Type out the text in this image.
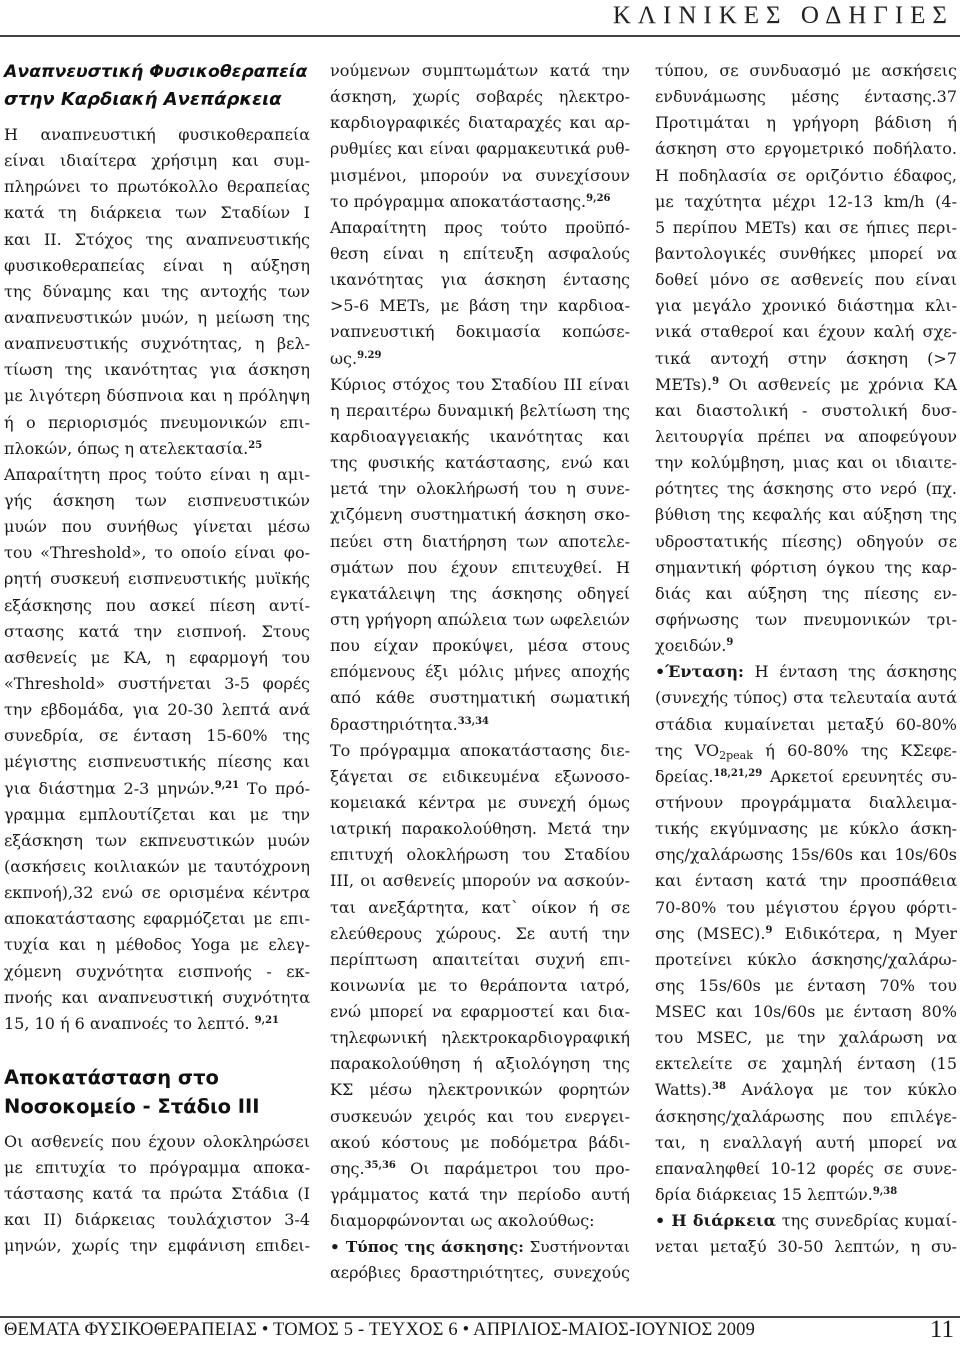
ΚΛΙΝΙΚΕΣ ΟΔΗΓΙΕΣ
Αναπνευστική Φυσικοθεραπεία
στην Καρδιακή Ανεπάρκεια
Η αναπνευστική φυσικοθεραπεία
είναι ιδιαίτερα χρήσιμη και συμ-
πληρώνει το πρωτόκολλο θεραπείας
κατά τη διάρκεια των Σταδίων Ι
και ΙΙ. Στόχος της αναπνευστικής
φυσικοθεραπείας είναι η αύξηση
της δύναμης και της αντοχής των
αναπνευστικών μυών, η μείωση της
αναπνευστικής συχνότητας, η βελ-
τίωση της ικανότητας για άσκηση
με λιγότερη δύσπνοια και η πρόληψη
ή ο περιορισμός πνευμονικών επι-
πλοκών, όπως η ατελεκτασία.$^{25}$
Απαραίτητη προς τούτο είναι η αμι-
γής άσκηση των εισπνευστικών
μυών που συνήθως γίνεται μέσω
του «Threshold», το οποίο είναι φο-
ρητή συσκευή εισπνευστικής μυϊκής
εξάσκησης που ασκεί πίεση αντί-
στασης κατά την εισπνοή. Στους
ασθενείς με ΚΑ, η εφαρμογή του
«Threshold» συστήνεται 3-5 φορές
την εβδομάδα, για 20-30 λεπτά ανά
συνεδρία, σε ένταση 15-60% της
μέγιστης εισπνευστικής πίεσης και
για διάστημα 2-3 μηνών.$^{9,21}$ Το πρό-
γραμμα εμπλουτίζεται και με την
εξάσκηση των εκπνευστικών μυών
(ασκήσεις κοιλιακών με ταυτόχρονη
εκπνοή),32 ενώ σε ορισμένα κέντρα
αποκατάστασης εφαρμόζεται με επι-
τυχία και η μέθοδος Yoga με ελεγ-
χόμενη συχνότητα εισπνοής - εκ-
πνοής και αναπνευστική συχνότητα
15, 10 ή 6 αναπνοές το λεπτό. $^{9,21}$
Αποκατάσταση στο
Νοσοκομείο - Στάδιο ΙΙΙ
Οι ασθενείς που έχουν ολοκληρώσει
με επιτυχία το πρόγραμμα αποκα-
τάστασης κατά τα πρώτα Στάδια (Ι
και ΙΙ) διάρκειας τουλάχιστον 3-4
μηνών, χωρίς την εμφάνιση επιδει-
νούμενων συμπτωμάτων κατά την
άσκηση, χωρίς σοβαρές ηλεκτρο-
καρδιογραφικές διαταραχές και αρ-
ρυθμίες και είναι φαρμακευτικά ρυθ-
μισμένοι, μπορούν να συνεχίσουν
το πρόγραμμα αποκατάστασης.$^{9,26}$
Απαραίτητη προς τούτο προϋπό-
θεση είναι η επίτευξη ασφαλούς
ικανότητας για άσκηση έντασης
>5-6 METs, με βάση την καρδιοα-
ναπνευστική δοκιμασία κοπώσε-
ως.$^{9.29}$
Κύριος στόχος του Σταδίου ΙΙΙ είναι
η περαιτέρω δυναμική βελτίωση της
καρδιοαγγειακής ικανότητας και
της φυσικής κατάστασης, ενώ και
μετά την ολοκλήρωσή του η συνε-
χιζόμενη συστηματική άσκηση σκο-
πεύει στη διατήρηση των αποτελε-
σμάτων που έχουν επιτευχθεί. Η
εγκατάλειψη της άσκησης οδηγεί
στη γρήγορη απώλεια των ωφελειών
που είχαν προκύψει, μέσα στους
επόμενους έξι μόλις μήνες αποχής
από κάθε συστηματική σωματική
δραστηριότητα.$^{33,34}$
Το πρόγραμμα αποκατάστασης διε-
ξάγεται σε ειδικευμένα εξωνοσο-
κομειακά κέντρα με συνεχή όμως
ιατρική παρακολούθηση. Μετά την
επιτυχή ολοκλήρωση του Σταδίου
ΙΙΙ, οι ασθενείς μπορούν να ασκούν-
ται ανεξάρτητα, κατ` οίκον ή σε
ελεύθερους χώρους. Σε αυτή την
περίπτωση απαιτείται συχνή επι-
κοινωνία με το θεράποντα ιατρό,
ενώ μπορεί να εφαρμοστεί και δια-
τηλεφωνική ηλεκτροκαρδιογραφική
παρακολούθηση ή αξιολόγηση της
ΚΣ μέσω ηλεκτρονικών φορητών
συσκευών χειρός και του ενεργει-
ακού κόστους με ποδόμετρα βάδι-
σης.$^{35,36}$ Οι παράμετροι του προ-
γράμματος κατά την περίοδο αυτή
διαμορφώνονται ως ακολούθως:
• Τύπος της άσκησης: Συστήνονται
αερόβιες δραστηριότητες, συνεχούς
τύπου, σε συνδυασμό με ασκήσεις
ενδυνάμωσης μέσης έντασης.37
Προτιμάται η γρήγορη βάδιση ή
άσκηση στο εργομετρικό ποδήλατο.
Η ποδηλασία σε οριζόντιο έδαφος,
με ταχύτητα μέχρι 12-13 km/h (4-
5 περίπου METs) και σε ήπιες περι-
βαντολογικές συνθήκες μπορεί να
δοθεί μόνο σε ασθενείς που είναι
για μεγάλο χρονικό διάστημα κλι-
νικά σταθεροί και έχουν καλή σχε-
τικά αντοχή στην άσκηση (>7
METs).$^9$ Οι ασθενείς με χρόνια ΚΑ
και διαστολική - συστολική δυσ-
λειτουργία πρέπει να αποφεύγουν
την κολύμβηση, μιας και οι ιδιαιτε-
ρότητες της άσκησης στο νερό (πχ.
βύθιση της κεφαλής και αύξηση της
υδροστατικής πίεσης) οδηγούν σε
σημαντική φόρτιση όγκου της καρ-
διάς και αύξηση της πίεσης εν-
σφήνωσης των πνευμονικών τρι-
χοειδών.$^9$
•Ένταση: Η ένταση της άσκησης
(συνεχής τύπος) στα τελευταία αυτά
στάδια κυμαίνεται μεταξύ 60-80%
της $VO_{2peak}$ ή 60-80% της ΚΣεφε-
δρείας.$^{18,21,29}$ Αρκετοί ερευνητές συ-
στήνουν προγράμματα διαλλειμα-
τικής εκγύμνασης με κύκλο άσκη-
σης/χαλάρωσης 15s/60s και 10s/60s
και ένταση κατά την προσπάθεια
70-80% του μέγιστου έργου φόρτι-
σης (MSEC).$^9$ Ειδικότερα, η Myer
προτείνει κύκλο άσκησης/χαλάρω-
σης 15s/60s με ένταση 70% του
MSEC και 10s/60s με ένταση 80%
του MSEC, με την χαλάρωση να
εκτελείτε σε χαμηλή ένταση (15
Watts).$^{38}$ Ανάλογα με τον κύκλο
άσκησης/χαλάρωσης που επιλέγε-
ται, η εναλλαγή αυτή μπορεί να
επαναληφθεί 10-12 φορές σε συνε-
δρία διάρκειας 15 λεπτών.$^{9,38}$
• Η διάρκεια της συνεδρίας κυμαί-
νεται μεταξύ 30-50 λεπτών, η συ-
ΘΕΜΑΤΑ ΦΥΣΙΚΟΘΕΡΑΠΕΙΑΣ • ΤΟΜΟΣ 5 - ΤΕΥΧΟΣ 6 • ΑΠΡΙΛΙΟΣ-ΜΑΙΟΣ-ΙΟΥΝΙΟΣ 2009	11
